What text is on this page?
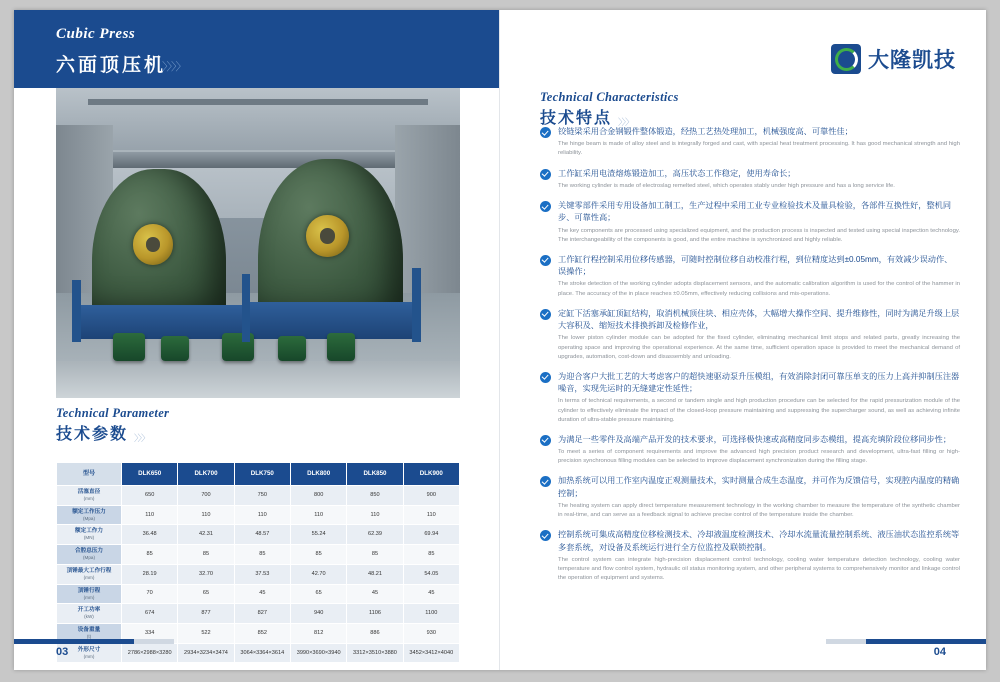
Cubic Press
六面顶压机
〉〉〉〉
Technical Parameter
技术参数 〉〉〉
型号	DLK650	DLK700	DLK750	DLK800	DLK850	DLK900
活塞直径
(mm)	650	700	750	800	850	900
额定工作压力
(Mpa)	110	110	110	110	110	110
额定工作力
(MN)	36.48	42.31	48.57	55.24	62.39	69.94
合腔总压力
(Mpa)	85	85	85	85	85	85
顶锤最大工作行程
(mm)	28.19	32.70	37.53	42.70	48.21	54.05
顶锤行程
(mm)	70	65	45	65	45	45
开工功率
(kW)	674	877	827	940	1106	1100
设备重量
(t)	334	522	852	812	886	930
外形尺寸
(mm)	2786×2988×3280	2934×3234×3474	3064×3364×3614	3990×3690×3940	3312×3510×3880	3452×3412×4040
03
大隆凯技
Technical Characteristics
技术特点 〉〉〉
铰链梁采用合金钢锻件整体锻造，经热工艺热处理加工，机械强度高、可靠性佳；
The hinge beam is made of alloy steel and is integrally forged and cast, with special heat treatment processing. It has good mechanical strength and high reliability.
工作缸采用电渣熔炼锻造加工，高压状态工作稳定，使用寿命长；
The working cylinder is made of electroslag remelted steel, which operates stably under high pressure and has a long service life.
关键零部件采用专用设备加工制工，生产过程中采用工业专业检验技术及量具检验，各部件互换性好，整机同步、可靠性高；
The key components are processed using specialized equipment, and the production process is inspected and tested using special inspection technology. The interchangeability of the components is good, and the entire machine is synchronized and highly reliable.
工作缸行程控制采用位移传感器，可随时控制位移自动校准行程，到位精度达到±0.05mm，有效减少误动作、误操作；
The stroke detection of the working cylinder adopts displacement sensors, and the automatic calibration algorithm is used for the control of the hammer in place. The accuracy of the in place reaches ±0.05mm, effectively reducing collisions and mis-operations.
定缸下活塞承缸顶缸结构，取消机械顶住块、相应壳体，大幅增大操作空间、提升维修性，同时为满足升级上层大容积及、缩短技术排换拆卸及检修作业，
The lower piston cylinder module can be adopted for the fixed cylinder, eliminating mechanical limit stops and related parts, greatly increasing the operating space and improving the operational experience. At the same time, sufficient operation space is provided to meet the mechanical demand of upgrades, automation, cost-down and disassembly and unloading.
为迎合客户大批工艺的大考虑客户的超快速驱动泵升压模组，有效消除封闭可靠压单支的压力上高并抑制压注器噪音，实现先运时的无缝建定性延性；
In terms of technical requirements, a second or tandem single and high production procedure can be selected for the rapid pressurization module of the cylinder to effectively eliminate the impact of the closed-loop pressure maintaining and suppressing the supercharger sound, as well as achieving infinite duration of ultra-stable pressure maintaining.
为满足一些零件及高端产品开发的技术要求，可选择极快速或高精度同步态模组，提高充填阶段位移同步性；
To meet a series of component requirements and improve the advanced high precision product research and development, ultra-fast filling or high-precision synchronous filling modules can be selected to improve displacement synchronization during the filling stage.
加热系统可以用工作室内温度正观测量技术，实时测量合成生态温度，并可作为反馈信号，实现腔内温度的精确控制；
The heating system can apply direct temperature measurement technology in the working chamber to measure the temperature of the synthetic chamber in real-time, and can serve as a feedback signal to achieve precise control of the temperature inside the chamber.
控制系统可集成高精度位移检测技术、冷却液温度检测技术、冷却水流量流量控制系统、液压油状态监控系统等多套系统，对设备及系统运行进行全方位监控及联锁控制。
The control system can integrate high-precision displacement control technology, cooling water temperature detection technology, cooling water temperature and flow control system, hydraulic oil status monitoring system, and other peripheral systems to comprehensively monitor and linkage control the operation of equipment and systems.
04
